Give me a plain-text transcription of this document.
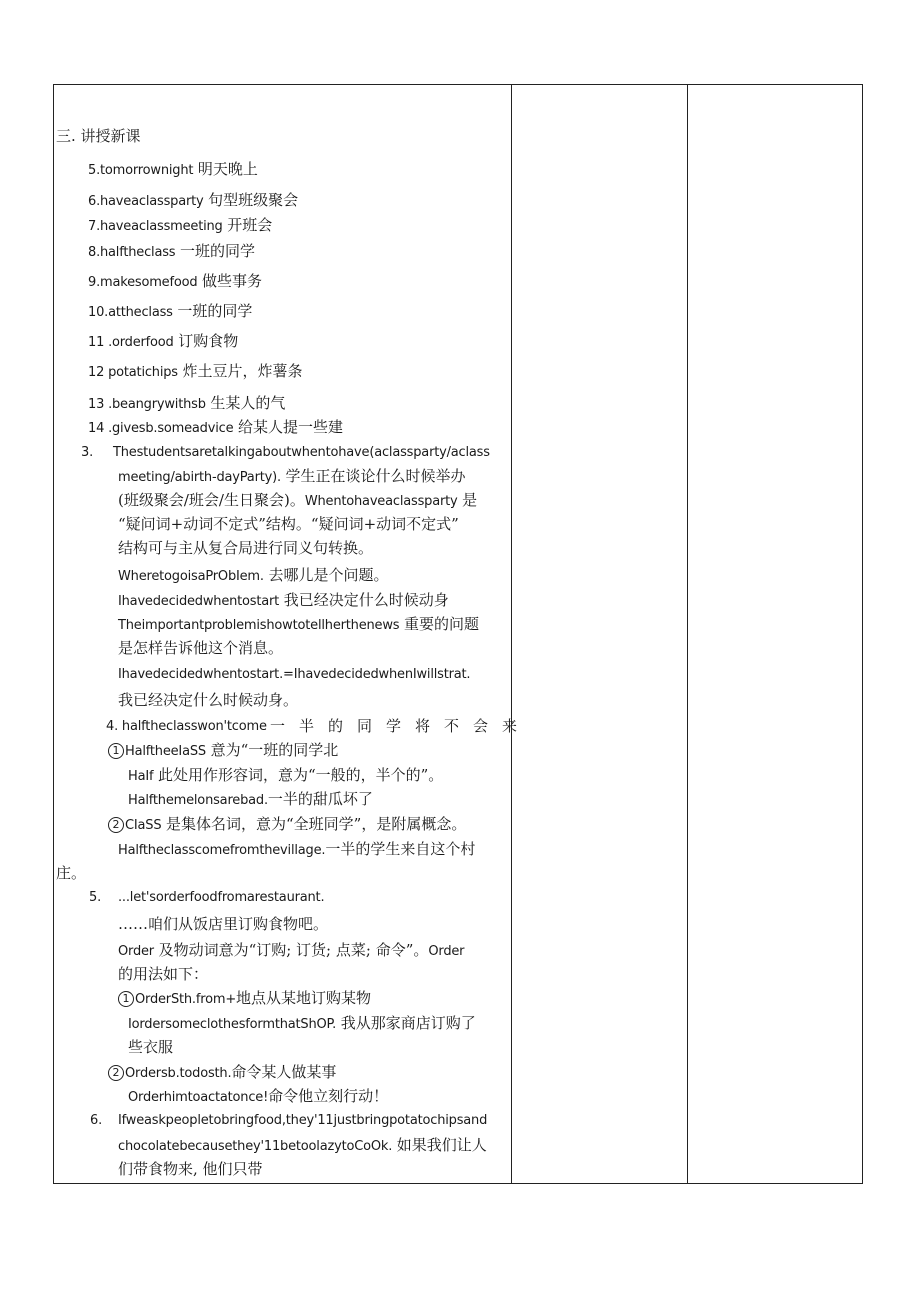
三. 讲授新课
5.tomorrownight 明天晚上
6.haveaclassparty 句型班级聚会
7.haveaclassmeeting 开班会
8.halftheclass 一班的同学
9.makesomefood 做些事务
10.attheclass 一班的同学
11 .orderfood 订购食物
12 potatichips 炸土豆片，炸薯条
13 .beangrywithsb 生某人的气
14 .givesb.someadvice 给某人提一些建
3. Thestudentsaretalkingaboutwhentohave(aclassparty/aclass
meeting/abirth-dayParty). 学生正在谈论什么时候举办
(班级聚会/班会/生日聚会)。Whentohaveaclassparty 是
“疑问词+动词不定式”结构。“疑问词+动词不定式”
结构可与主从复合局进行同义句转换。
WheretogoisaPrObIem. 去哪儿是个问题。
Ihavedecidedwhentostart 我已经决定什么时候动身
Theimportantproblemishowtotellherthenews 重要的问题
是怎样告诉他这个消息。
Ihavedecidedwhentostart.=IhavedecidedwhenIwillstrat.
我已经决定什么时候动身。
4. halftheclasswon'tcome 一半的同学将不会来
1 HalftheeIaSS 意为“一班的同学北
HaIf 此处用作形容词，意为“一般的，半个的”。
Halfthemelonsarebad.一半的甜瓜坏了
2 CIaSS 是集体名词，意为“全班同学”，是附属概念。
Halftheclasscomefromthevillage.一半的学生来自这个村
庄。
5. ...let'sorderfoodfromarestaurant.
……咱们从饭店里订购食物吧。
Order 及物动词意为“订购; 订货; 点菜; 命令”。Order
的用法如下：
1 OrderSth.from+地点从某地订购某物
IordersomeclothesformthatShOP. 我从那家商店订购了
些衣服
2 Ordersb.todosth.命令某人做某事
Orderhimtoactatonce!命令他立刻行动！
6. Ifweaskpeopletobringfood,they'11justbringpotatochipsand
chocolatebecausethey'11betoolazytoCoOk. 如果我们让人
们带食物来, 他们只带
